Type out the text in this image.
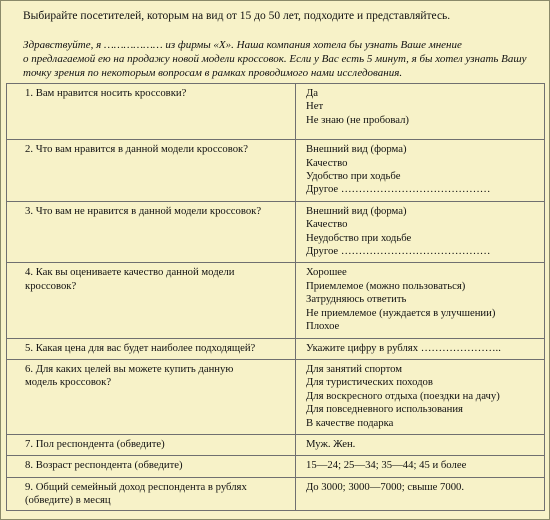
Выбирайте посетителей, которым на вид от 15 до 50 лет, подходите и представляйтесь.
Здравствуйте, я ……………… из фирмы «Х». Наша компания хотела бы узнать Ваше мнение
о предлагаемой ею на продажу новой модели кроссовок. Если у Вас есть 5 минут, я бы хотел узнать Вашу
точку зрения по некоторым вопросам в рамках проводимого нами исследования.
1. Вам нравится носить кроссовки?	Да
Нет
Не знаю (не пробовал)

2. Что вам нравится в данной модели кроссовок?	Внешний вид (форма)
Качество
Удобство при ходьбе
Другое ……………………………………

3. Что вам не нравится в данной модели кроссовок?	Внешний вид (форма)
Качество
Неудобство при ходьбе
Другое ……………………………………

4. Как вы оцениваете качество данной модели
кроссовок?	Хорошее
Приемлемое (можно пользоваться)
Затрудняюсь ответить
Не приемлемое (нуждается в улучшении)
Плохое

5. Какая цена для вас будет наиболее подходящей?	Укажите цифру в рублях …………………..

6. Для каких целей вы можете купить данную
модель кроссовок?	Для занятий спортом
Для туристических походов
Для воскресного отдыха (поездки на дачу)
Для повседневного использования
В качестве подарка

7. Пол респондента (обведите)	Муж. Жен.

8. Возраст респондента (обведите)	15—24; 25—34; 35—44; 45 и более

9. Общий семейный доход респондента в рублях
(обведите) в месяц	До 3000; 3000—7000; свыше 7000.
